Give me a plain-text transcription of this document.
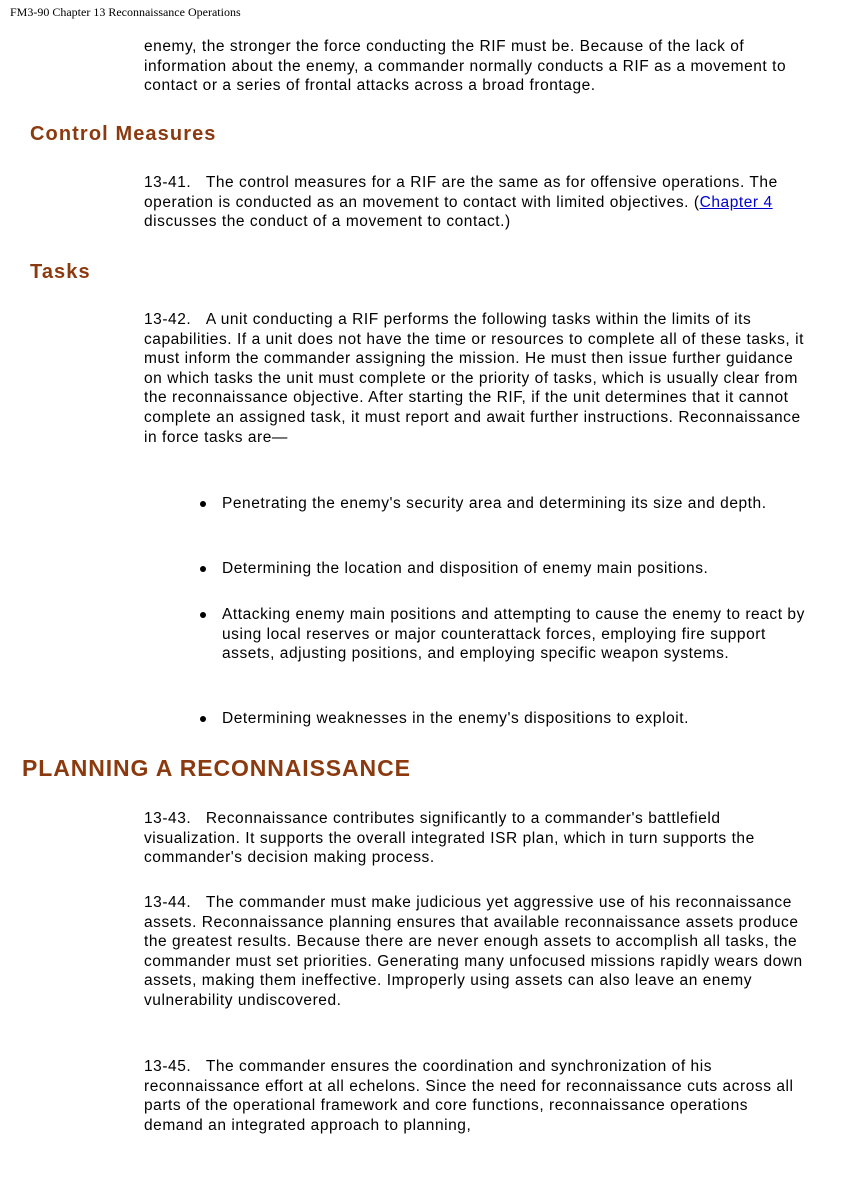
FM3-90 Chapter 13 Reconnaissance Operations

enemy, the stronger the force conducting the RIF must be. Because of the lack of information about the enemy, a commander normally conducts a RIF as a movement to contact or a series of frontal attacks across a broad frontage.

Control Measures

13-41.   The control measures for a RIF are the same as for offensive operations. The operation is conducted as an movement to contact with limited objectives. (Chapter 4 discusses the conduct of a movement to contact.)

Tasks

13-42.   A unit conducting a RIF performs the following tasks within the limits of its capabilities. If a unit does not have the time or resources to complete all of these tasks, it must inform the commander assigning the mission. He must then issue further guidance on which tasks the unit must complete or the priority of tasks, which is usually clear from the reconnaissance objective. After starting the RIF, if the unit determines that it cannot complete an assigned task, it must report and await further instructions. Reconnaissance in force tasks are—

Penetrating the enemy's security area and determining its size and depth.

Determining the location and disposition of enemy main positions.

Attacking enemy main positions and attempting to cause the enemy to react by using local reserves or major counterattack forces, employing fire support assets, adjusting positions, and employing specific weapon systems.

Determining weaknesses in the enemy's dispositions to exploit.

PLANNING A RECONNAISSANCE

13-43.   Reconnaissance contributes significantly to a commander's battlefield visualization. It supports the overall integrated ISR plan, which in turn supports the commander's decision making process.

13-44.   The commander must make judicious yet aggressive use of his reconnaissance assets. Reconnaissance planning ensures that available reconnaissance assets produce the greatest results. Because there are never enough assets to accomplish all tasks, the commander must set priorities. Generating many unfocused missions rapidly wears down assets, making them ineffective. Improperly using assets can also leave an enemy vulnerability undiscovered.

13-45.   The commander ensures the coordination and synchronization of his reconnaissance effort at all echelons. Since the need for reconnaissance cuts across all parts of the operational framework and core functions, reconnaissance operations demand an integrated approach to planning,
